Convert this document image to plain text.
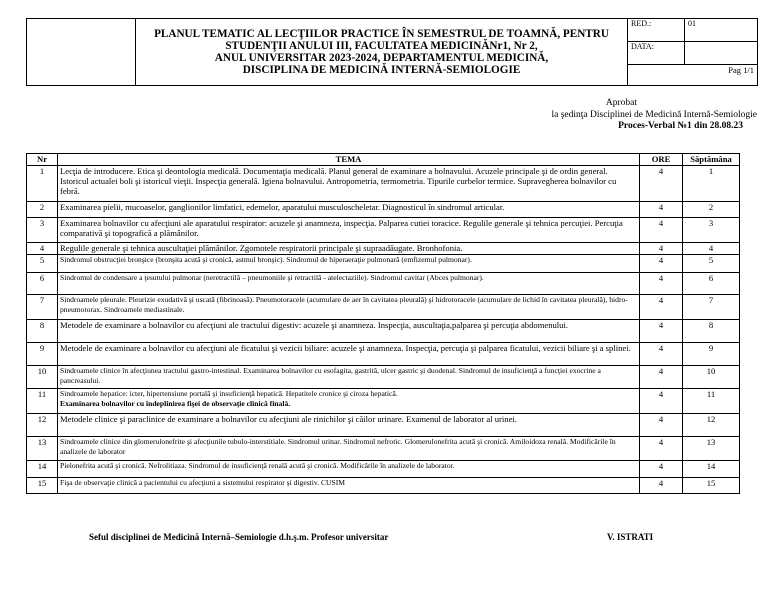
	PLANUL TEMATIC AL LECŢIILOR PRACTICE ÎN SEMESTRUL DE TOAMNĂ, PENTRU
STUDENŢII ANULUI III, FACULTATEA MEDICINĂNr1, Nr 2,
ANUL UNIVERSITAR 2023-2024, DEPARTAMENTUL MEDICINĂ,
DISCIPLINA DE MEDICINĂ INTERNĂ-SEMIOLOGIE	RED.:	01
		DATA:	
		Pag 1/1	
Aprobat
la şedinţa Disciplinei de Medicină Internă-Semiologie
Proces-Verbal №1 din 28.08.23
Nr	TEMA	ORE	Săptămâna
1	Lecţia de introducere. Etica şi deontologia medicală. Documentaţia medicală. Planul general de examinare a bolnavului. Acuzele principale şi de ordin general. Istoricul actualei boli şi istoricul vieţii. Inspecţia generală. Igiena bolnavului. Antropometria, termometria. Tipurile curbelor termice. Supravegherea bolnavilor cu febră.	4	1
2	Examinarea pielii, mucoaselor, ganglionilor limfatici, edemelor, aparatului musculoscheletar. Diagnosticul în sindromul articular.	4	2
3	Examinarea bolnavilor cu afecţiuni ale aparatului respirator: acuzele şi anamneza, inspecţia. Palparea cutiei toracice. Regulile generale şi tehnica percuţiei. Percuţia comparativă şi topografică a plămânilor.	4	3
4	Regulile generale şi tehnica auscultaţiei plămânilor. Zgomotele respiratorii principale şi supraadăugate. Bronhofonia.	4	4
5	Sindromul obstrucţiei bronşice (bronşita acută şi cronică, astmul bronşic). Sindromul de hiperaeraţie pulmonară (emfizemul pulmonar).	4	5
6	Sindromul de condensare a ţesutului pulmonar (neretractilă – pneumoniile şi retractilă - atelectaziile). Sindromul cavitar (Abces pulmonar).	4	6
7	Sindroamele pleurale. Pleurizie exudativă şi uscată (fibrinoasă). Pneumotoracele (acumulare de aer în cavitatea pleurală) şi hidrotoracele (acumulare de lichid în cavitatea pleurală), hidro-pneumotorax. Sindroamele mediastinale.	4	7
8	Metodele de examinare a bolnavilor cu afecţiuni ale tractului digestiv: acuzele şi anamneza. Inspecţia, auscultaţia,palparea şi percuţia abdomenului.	4	8
9	Metodele de examinare a bolnavilor cu afecţiuni ale ficatului şi vezicii biliare: acuzele şi anamneza. Inspecţia, percuţia şi palparea ficatului, vezicii biliare şi a splinei.	4	9
10	Sindroamele clinice în afecţiunea tractului gastro-intestinal. Examinarea bolnavilor cu esofagita, gastrită, ulcer gastric şi duodenal. Sindromul de insuficienţă a funcţiei exocrine a pancreasului.	4	10
11	Sindroamele hepatice: icter, hipertensiune portală şi insuficienţă hepatică. Hepatitele cronice şi ciroza hepatică.
Examinarea bolnavilor cu îndeplinirea fişei de observaţie clinică finală.	4	11
12	Metodele clinice şi paraclinice de examinare a bolnavilor cu afecţiuni ale rinichilor şi căilor urinare. Examenul de laborator al urinei.	4	12
13	Sindroamele clinice din glomerulonefrite şi afecţiunile tubulo-interstitiale. Sindromul urinar. Sindromul nefrotic. Glomerulonefrita acută şi cronică. Amiloidoza renală. Modificările în analizele de laborator	4	13
14	Pielonefrita acută şi cronică. Nefrolitiaza. Sindromul de insuficienţă renală acută şi cronică. Modificările în analizele de laborator.	4	14
15	Fişa de observaţie clinică a pacientului cu afecţiuni a sistemului respirator şi digestiv. CUSIM	4	15
Seful disciplinei de Medicină Internă–Semiologie d.h.ş.m. Profesor universitar	V. ISTRATI
